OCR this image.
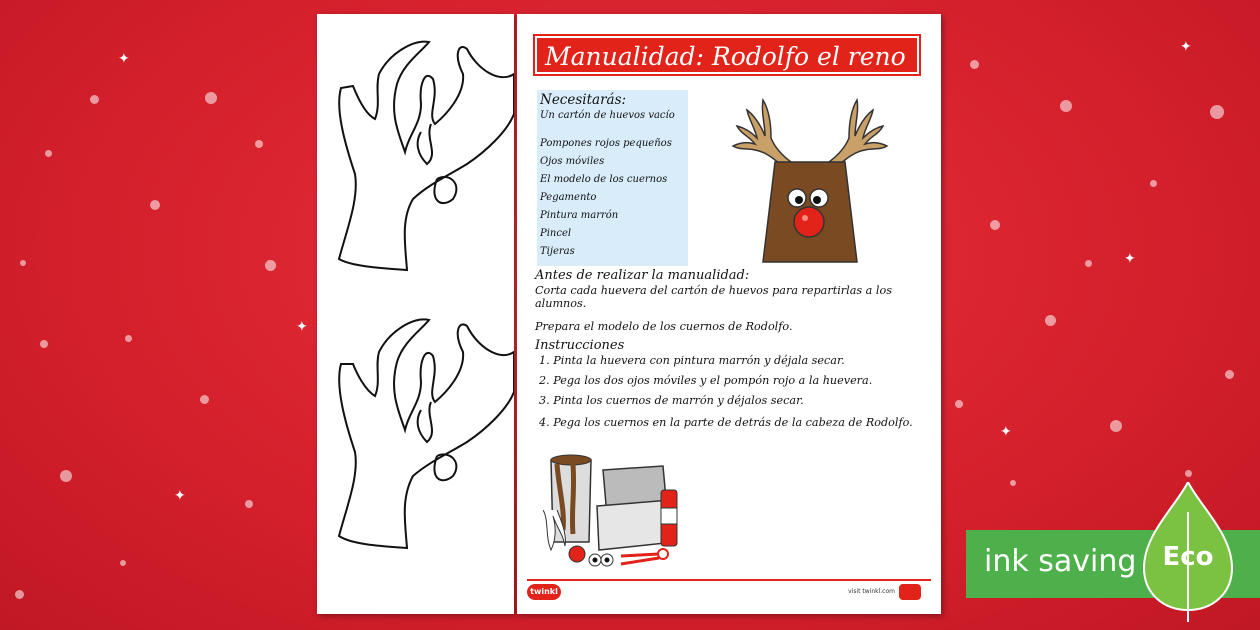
✦
✦
✦
✦
✦
✦
Manualidad: Rodolfo el reno
Necesitarás:
Un cartón de huevos vacío
Pompones rojos pequeños
Ojos móviles
El modelo de los cuernos
Pegamento
Pintura marrón
Pincel
Tijeras
Antes de realizar la manualidad:
Corta cada huevera del cartón de huevos para repartirlas a los alumnos.
Prepara el modelo de los cuernos de Rodolfo.
Instrucciones
1. Pinta la huevera con pintura marrón y déjala secar.
2. Pega los dos ojos móviles y el pompón rojo a la huevera.
3. Pinta los cuernos de marrón y déjalos secar.
4. Pega los cuernos en la parte de detrás de la cabeza de Rodolfo.
twinkl	visit twinkl.com
ink saving Eco
